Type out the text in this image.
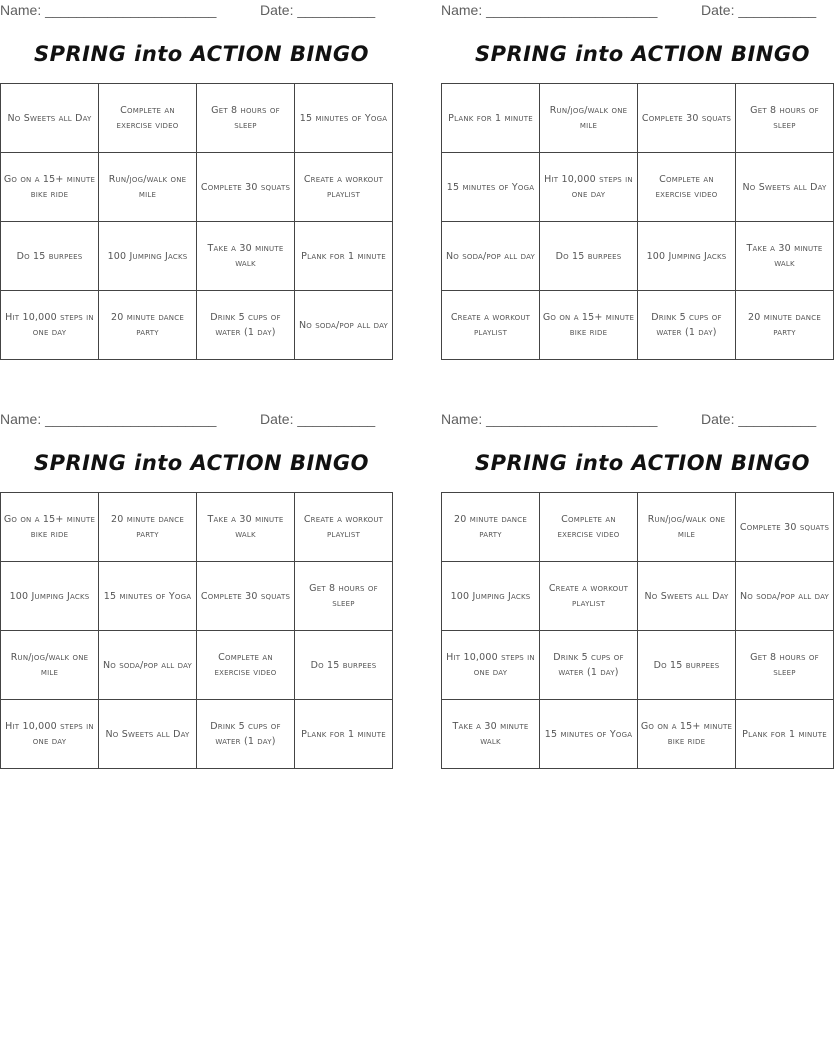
Name: ______________________	Date: __________
SPRING into ACTION BINGO
No Sweets all Day	Complete an exercise video	Get 8 hours of sleep	15 minutes of Yoga
Go on a 15+ minute bike ride	Run/jog/walk one mile	Complete 30 squats	Create a workout playlist
Do 15 burpees	100 Jumping Jacks	Take a 30 minute walk	Plank for 1 minute
Hit 10,000 steps in one day	20 minute dance party	Drink 5 cups of water (1 day)	No soda/pop all day
Name: ______________________	Date: __________
SPRING into ACTION BINGO
Plank for 1 minute	Run/jog/walk one mile	Complete 30 squats	Get 8 hours of sleep
15 minutes of Yoga	Hit 10,000 steps in one day	Complete an exercise video	No Sweets all Day
No soda/pop all day	Do 15 burpees	100 Jumping Jacks	Take a 30 minute walk
Create a workout playlist	Go on a 15+ minute bike ride	Drink 5 cups of water (1 day)	20 minute dance party
Name: ______________________	Date: __________
SPRING into ACTION BINGO
Go on a 15+ minute bike ride	20 minute dance party	Take a 30 minute walk	Create a workout playlist
100 Jumping Jacks	15 minutes of Yoga	Complete 30 squats	Get 8 hours of sleep
Run/jog/walk one mile	No soda/pop all day	Complete an exercise video	Do 15 burpees
Hit 10,000 steps in one day	No Sweets all Day	Drink 5 cups of water (1 day)	Plank for 1 minute
Name: ______________________	Date: __________
SPRING into ACTION BINGO
20 minute dance party	Complete an exercise video	Run/jog/walk one mile	Complete 30 squats
100 Jumping Jacks	Create a workout playlist	No Sweets all Day	No soda/pop all day
Hit 10,000 steps in one day	Drink 5 cups of water (1 day)	Do 15 burpees	Get 8 hours of sleep
Take a 30 minute walk	15 minutes of Yoga	Go on a 15+ minute bike ride	Plank for 1 minute
